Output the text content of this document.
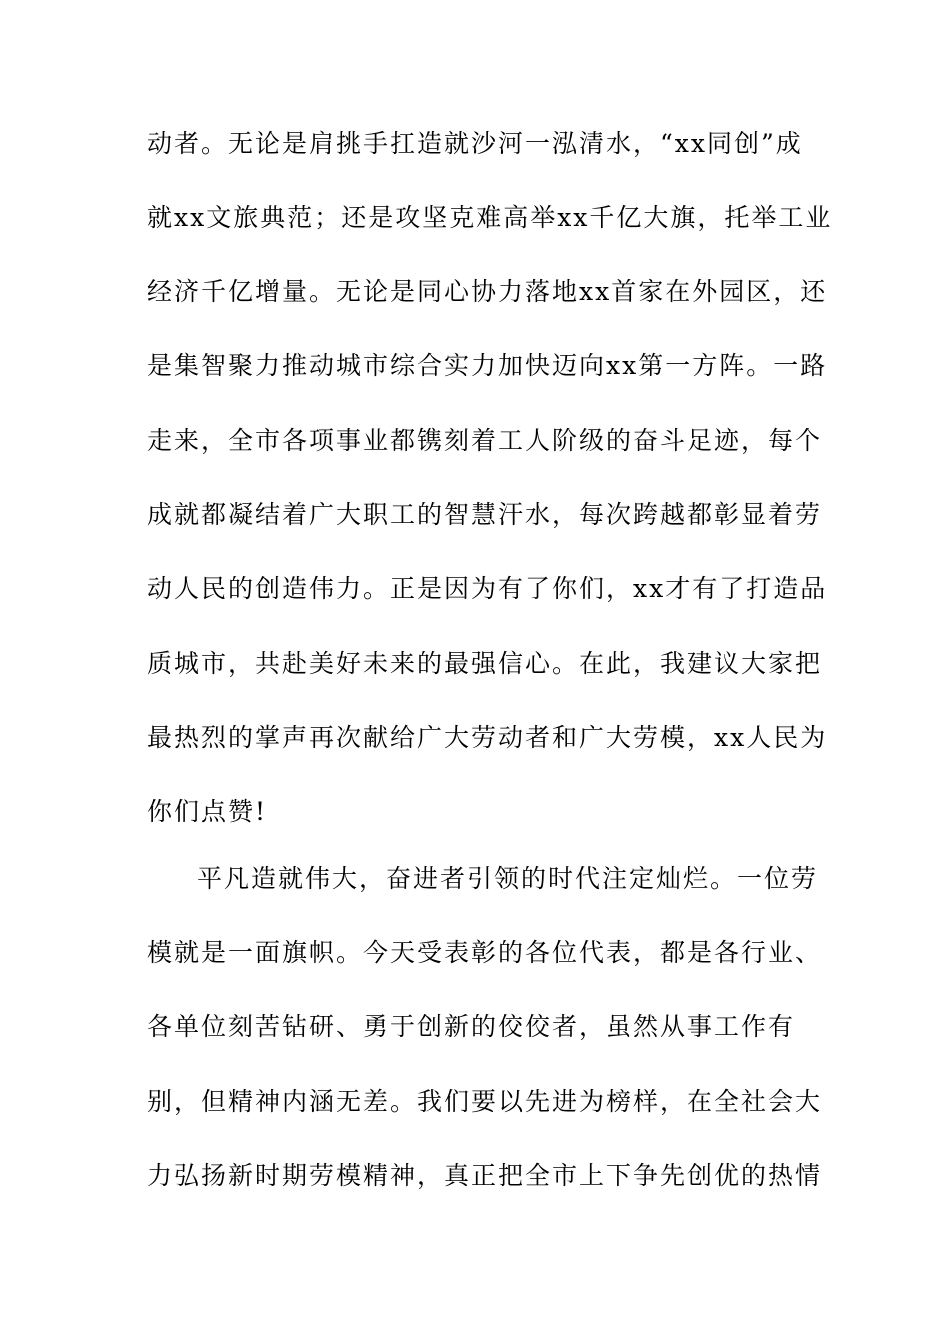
动者。无论是肩挑手扛造就沙河一泓清水，“xx同创”成
就xx文旅典范；还是攻坚克难高举xx千亿大旗，托举工业
经济千亿增量。无论是同心协力落地xx首家在外园区，还
是集智聚力推动城市综合实力加快迈向xx第一方阵。一路
走来，全市各项事业都镌刻着工人阶级的奋斗足迹，每个
成就都凝结着广大职工的智慧汗水，每次跨越都彰显着劳
动人民的创造伟力。正是因为有了你们，xx才有了打造品
质城市，共赴美好未来的最强信心。在此，我建议大家把
最热烈的掌声再次献给广大劳动者和广大劳模，xx人民为
你们点赞!
平凡造就伟大，奋进者引领的时代注定灿烂。一位劳
模就是一面旗帜。今天受表彰的各位代表，都是各行业、
各单位刻苦钻研、勇于创新的佼佼者，虽然从事工作有
别，但精神内涵无差。我们要以先进为榜样，在全社会大
力弘扬新时期劳模精神，真正把全市上下争先创优的热情
